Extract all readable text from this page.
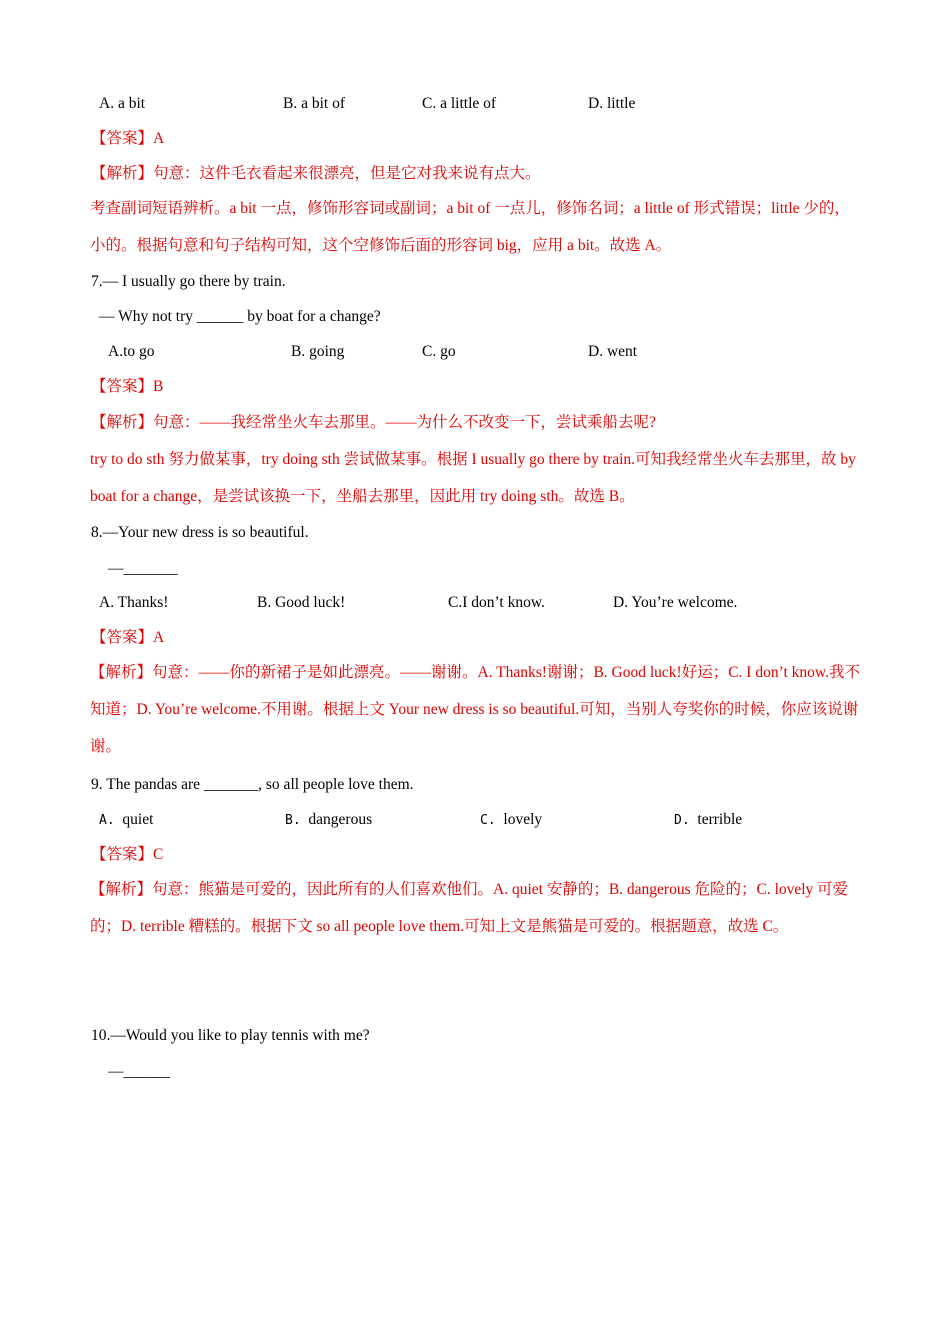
A. a bit	B. a bit of	C. a little of	D. little
【答案】A
【解析】句意：这件毛衣看起来很漂亮，但是它对我来说有点大。
考查副词短语辨析。a bit 一点，修饰形容词或副词；a bit of 一点儿，修饰名词；a little of 形式错误；little 少的，小的。根据句意和句子结构可知，这个空修饰后面的形容词 big，应用 a bit。故选 A。
7.— I usually go there by train.
— Why not try ______ by boat for a change?
A.to go	B. going	C. go	D. went
【答案】B
【解析】句意：——我经常坐火车去那里。——为什么不改变一下，尝试乘船去呢?
try to do sth 努力做某事，try doing sth 尝试做某事。根据 I usually go there by train.可知我经常坐火车去那里，故 by boat for a change，是尝试该换一下，坐船去那里，因此用 try doing sth。故选 B。
8.—Your new dress is so beautiful.
—_______
A. Thanks!	B. Good luck!	C.I don’t know.	D. You’re welcome.
【答案】A
【解析】句意：——你的新裙子是如此漂亮。——谢谢。A. Thanks!谢谢；B. Good luck!好运；C. I don’t know.我不知道；D. You’re welcome.不用谢。根据上文 Your new dress is so beautiful.可知，当别人夸奖你的时候，你应该说谢谢。
9. The pandas are _______, so all people love them.
A. quiet	B. dangerous	C. lovely	D. terrible
【答案】C
【解析】句意：熊猫是可爱的，因此所有的人们喜欢他们。A. quiet 安静的；B. dangerous 危险的；C. lovely 可爱的；D. terrible 糟糕的。根据下文 so all people love them.可知上文是熊猫是可爱的。根据题意，故选 C。
10.—Would you like to play tennis with me?
—______
